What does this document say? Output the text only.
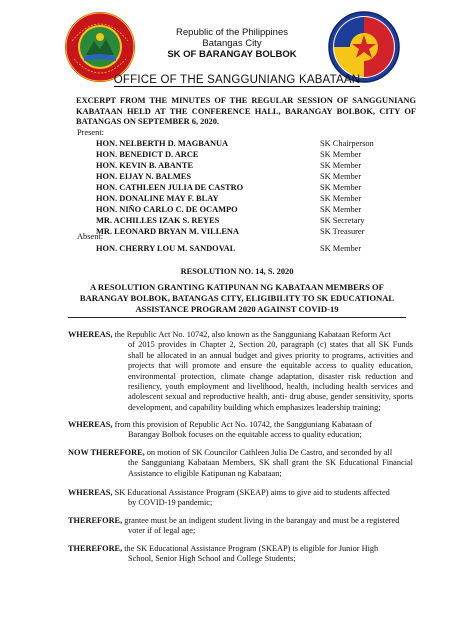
Republic of the Philippines
Batangas City
SK OF BARANGAY BOLBOK
OFFICE OF THE SANGGUNIANG KABATAAN
EXCERPT FROM THE MINUTES OF THE REGULAR SESSION OF SANGGUNIANG KABATAAN HELD AT THE CONFERENCE HALL, BARANGAY BOLBOK, CITY OF BATANGAS ON SEPTEMBER 6, 2020.
Present:
HON. NELBERTH D. MAGBANUA	SK Chairperson
HON. BENEDICT D. ARCE	SK Member
HON. KEVIN B. ABANTE	SK Member
HON. EIJAY N. BALMES	SK Member
HON. CATHLEEN JULIA DE CASTRO	SK Member
HON. DONALINE MAY F. BLAY	SK Member
HON. NIÑO CARLO C. DE OCAMPO	SK Member
MR. ACHILLES IZAK S. REYES	SK Secretary
MR. LEONARD BRYAN M. VILLENA	SK Treasurer
Absent:
HON. CHERRY LOU M. SANDOVAL	SK Member
RESOLUTION NO. 14, S. 2020
A RESOLUTION GRANTING KATIPUNAN NG KABATAAN MEMBERS OF BARANGAY BOLBOK, BATANGAS CITY, ELIGIBILITY TO SK EDUCATIONAL ASSISTANCE PROGRAM 2020 AGAINST COVID-19
WHEREAS, the Republic Act No. 10742, also known as the Sangguniang Kabataan Reform Act
of 2015 provides in Chapter 2, Section 20, paragraph (c) states that all SK Funds shall be allocated in an annual budget and gives priority to programs, activities and projects that will promote and ensure the equitable access to quality education, environmental protection, climate change adaptation, disaster risk reduction and resiliency, youth employment and livelihood, health, including health services and adolescent sexual and reproductive health, anti- drug abuse, gender sensitivity, sports development, and capability building which emphasizes leadership training;
WHEREAS, from this provision of Republic Act No. 10742, the Sangguniang Kabataan of
Barangay Bolbok focuses on the equitable access to quality education;
NOW THEREFORE, on motion of SK Councilor Cathleen Julia De Castro, and seconded by all
the Sangguniang Kabataan Members, SK shall grant the SK Educational Financial Assistance to eligible Katipunan ng Kabataan;
WHEREAS, SK Educational Assistance Program (SKEAP) aims to give aid to students affected
by COVID-19 pandemic;
THEREFORE, grantee must be an indigent student living in the barangay and must be a registered
voter if of legal age;
THEREFORE, the SK Educational Assistance Program (SKEAP) is eligible for Junior High
School, Senior High School and College Students;
